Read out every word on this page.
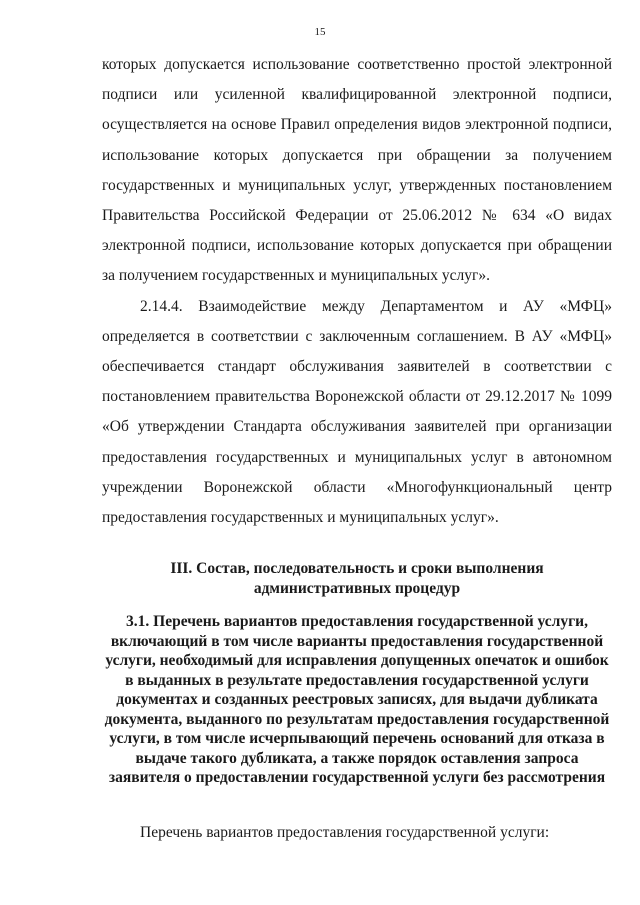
15

которых допускается использование соответственно простой электронной подписи или усиленной квалифицированной электронной подписи, осуществляется на основе Правил определения видов электронной подписи, использование которых допускается при обращении за получением государственных и муниципальных услуг, утвержденных постановлением Правительства Российской Федерации от 25.06.2012 № 634 «О видах электронной подписи, использование которых допускается при обращении за получением государственных и муниципальных услуг».

2.14.4. Взаимодействие между Департаментом и АУ «МФЦ» определяется в соответствии с заключенным соглашением. В АУ «МФЦ» обеспечивается стандарт обслуживания заявителей в соответствии с постановлением правительства Воронежской области от 29.12.2017 № 1099 «Об утверждении Стандарта обслуживания заявителей при организации предоставления государственных и муниципальных услуг в автономном учреждении Воронежской области «Многофункциональный центр предоставления государственных и муниципальных услуг».

III. Состав, последовательность и сроки выполнения
административных процедур
3.1. Перечень вариантов предоставления государственной услуги,
включающий в том числе варианты предоставления государственной
услуги, необходимый для исправления допущенных опечаток и ошибок
в выданных в результате предоставления государственной услуги
документах и созданных реестровых записях, для выдачи дубликата
документа, выданного по результатам предоставления государственной
услуги, в том числе исчерпывающий перечень оснований для отказа в
выдаче такого дубликата, а также порядок оставления запроса
заявителя о предоставлении государственной услуги без рассмотрения

Перечень вариантов предоставления государственной услуги:
